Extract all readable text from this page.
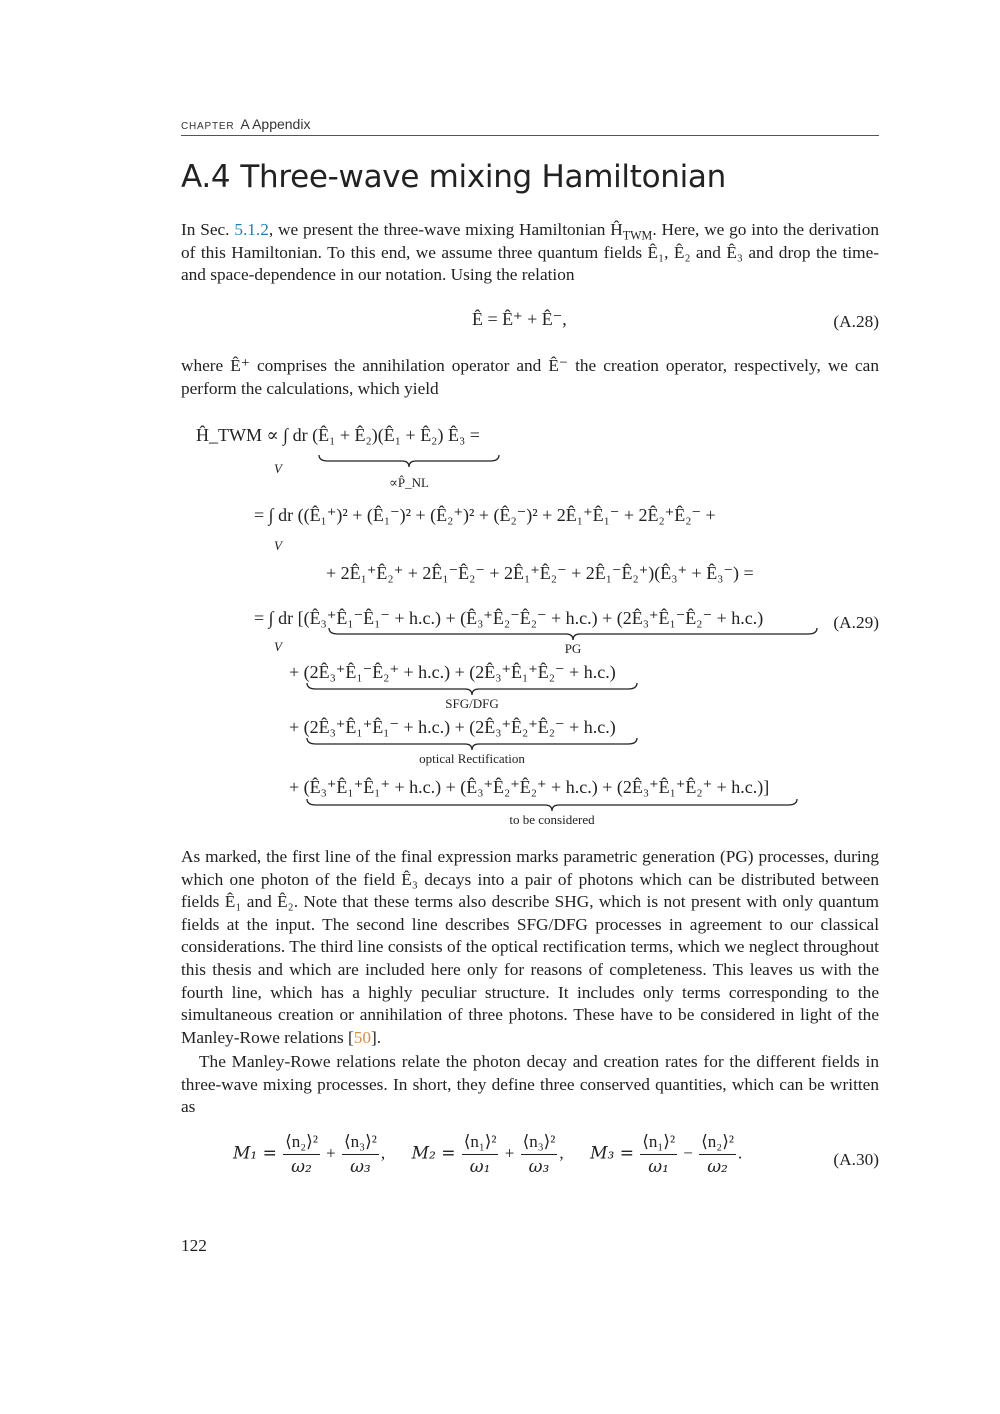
CHAPTER A Appendix
A.4 Three-wave mixing Hamiltonian

In Sec. 5.1.2, we present the three-wave mixing Hamiltonian $Ĥ_{TWM}$. Here, we go into the derivation of this Hamiltonian. To this end, we assume three quantum fields Ê₁, Ê₂ and Ê₃ and drop the time- and space-dependence in our notation. Using the relation

Ê = Ê⁺ + Ê⁻,	(A.28)

where Ê⁺ comprises the annihilation operator and Ê⁻ the creation operator, respectively, we can perform the calculations, which yield

Ĥ_TWM ∝ ∫ dr (Ê₁ + Ê₂)(Ê₁ + Ê₂) Ê₃ =
∝P̂_NL
V
= ∫ dr ((Ê₁⁺)² + (Ê₁⁻)² + (Ê₂⁺)² + (Ê₂⁻)² + 2Ê₁⁺Ê₁⁻ + 2Ê₂⁺Ê₂⁻ +
V
+ 2Ê₁⁺Ê₂⁺ + 2Ê₁⁻Ê₂⁻ + 2Ê₁⁺Ê₂⁻ + 2Ê₁⁻Ê₂⁺)(Ê₃⁺ + Ê₃⁻) =
= ∫ dr [(Ê₃⁺Ê₁⁻Ê₁⁻ + h.c.) + (Ê₃⁺Ê₂⁻Ê₂⁻ + h.c.) + (2Ê₃⁺Ê₁⁻Ê₂⁻ + h.c.)
V	PG
(A.29)
+ (2Ê₃⁺Ê₁⁻Ê₂⁺ + h.c.) + (2Ê₃⁺Ê₁⁺Ê₂⁻ + h.c.)
SFG/DFG
+ (2Ê₃⁺Ê₁⁺Ê₁⁻ + h.c.) + (2Ê₃⁺Ê₂⁺Ê₂⁻ + h.c.)
optical Rectification
+ (Ê₃⁺Ê₁⁺Ê₁⁺ + h.c.) + (Ê₃⁺Ê₂⁺Ê₂⁺ + h.c.) + (2Ê₃⁺Ê₁⁺Ê₂⁺ + h.c.)]
to be considered

As marked, the first line of the final expression marks parametric generation (PG) processes, during which one photon of the field Ê₃ decays into a pair of photons which can be distributed between fields Ê₁ and Ê₂. Note that these terms also describe SHG, which is not present with only quantum fields at the input. The second line describes SFG/DFG processes in agreement to our classical considerations. The third line consists of the optical rectification terms, which we neglect throughout this thesis and which are included here only for reasons of completeness. This leaves us with the fourth line, which has a highly peculiar structure. It includes only terms corresponding to the simultaneous creation or annihilation of three photons. These have to be considered in light of the Manley-Rowe relations [50].

The Manley-Rowe relations relate the photon decay and creation rates for the different fields in three-wave mixing processes. In short, they define three conserved quantities, which can be written as

$M_1 = \frac{\text{⟨n₂⟩²}}{\text{ω₂}} + \frac{\text{⟨n₃⟩²}}{\text{ω₃}}$ , $M_2 = \frac{\text{⟨n₁⟩²}}{\text{ω₁}} + \frac{\text{⟨n₃⟩²}}{\text{ω₃}}$ , $M_3 = \frac{\text{⟨n₁⟩²}}{\text{ω₁}} - \frac{\text{⟨n₂⟩²}}{\text{ω₂}}$ .	(A.30)
122
